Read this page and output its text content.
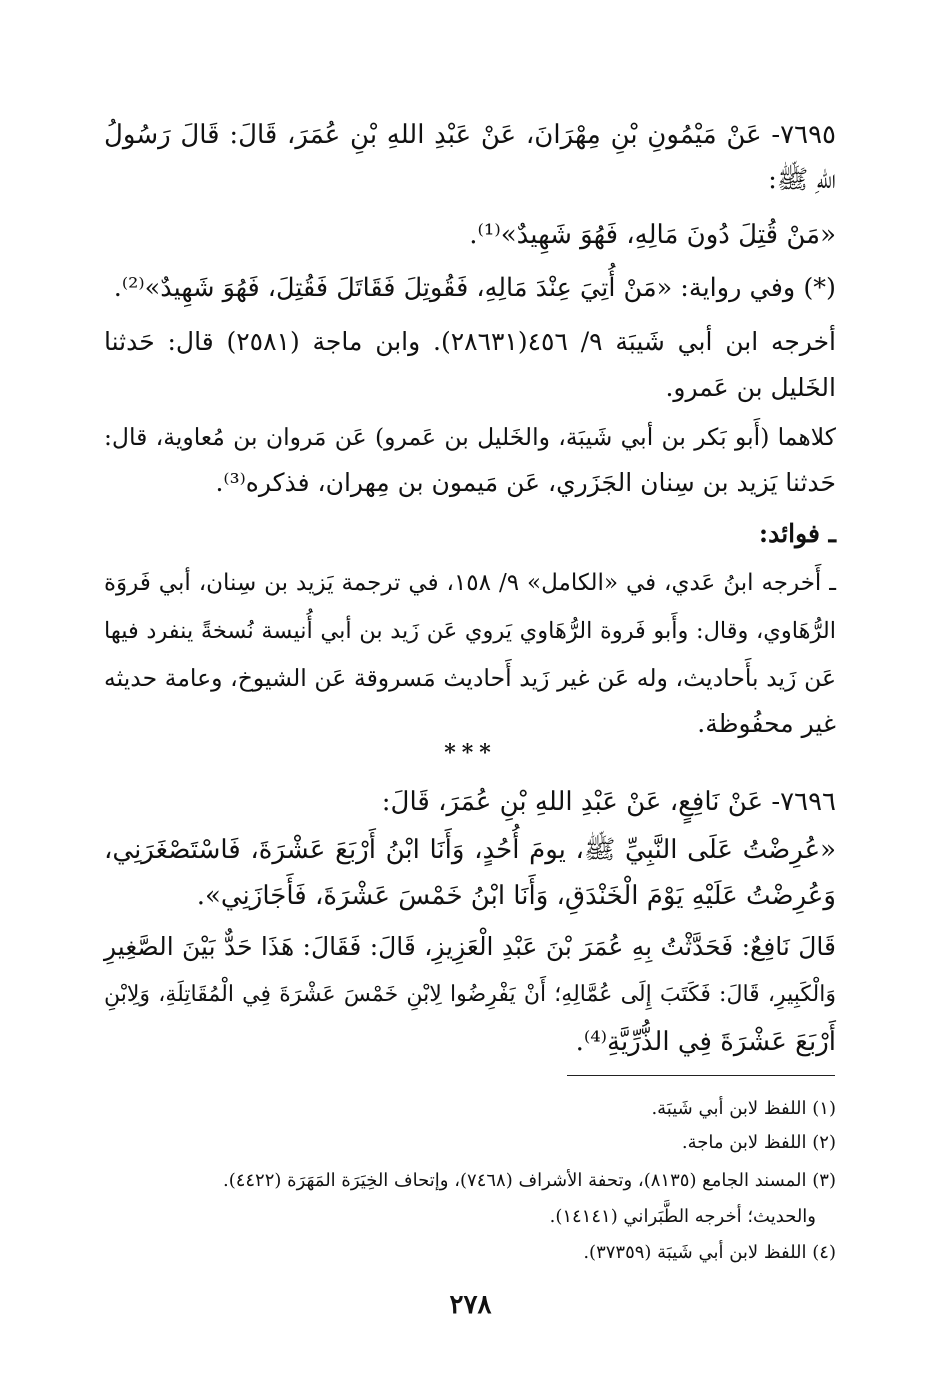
٧٦٩٥- عَنْ مَيْمُونِ بْنِ مِهْرَانَ، عَنْ عَبْدِ اللهِ بْنِ عُمَرَ، قَالَ: قَالَ رَسُولُ
اللهِ ﷺ:
«مَنْ قُتِلَ دُونَ مَالِهِ، فَهُوَ شَهِيدٌ»⁽¹⁾.
(*) وفي رواية: «مَنْ أُتِيَ عِنْدَ مَالِهِ، فَقُوتِلَ فَقَاتَلَ فَقُتِلَ، فَهُوَ شَهِيدٌ»⁽²⁾.
أخرجه ابن أبي شَيبَة ٩/ ٤٥٦(٢٨٦٣١). وابن ماجة (٢٥٨١) قال: حَدثنا
الخَليل بن عَمرو.
كلاهما (أَبو بَكر بن أبي شَيبَة، والخَليل بن عَمرو) عَن مَروان بن مُعاوية، قال:
حَدثنا يَزيد بن سِنان الجَزَري، عَن مَيمون بن مِهران، فذكره⁽³⁾.
ـ فوائد:
ـ أَخرجه ابنُ عَدي، في «الكامل» ٩/ ١٥٨، في ترجمة يَزيد بن سِنان، أبي فَروَة
الرُّهَاوي، وقال: وأَبو فَروة الرُّهَاوي يَروي عَن زَيد بن أبي أُنيسة نُسخةً ينفرد فيها
عَن زَيد بأَحاديث، وله عَن غير زَيد أَحاديث مَسروقة عَن الشيوخ، وعامة حديثه
غير محفُوظة.
***
٧٦٩٦- عَنْ نَافِعٍ، عَنْ عَبْدِ اللهِ بْنِ عُمَرَ، قَالَ:
«عُرِضْتُ عَلَى النَّبِيِّ ﷺ، يومَ أُحُدٍ، وَأَنَا ابْنُ أَرْبَعَ عَشْرَةَ، فَاسْتَصْغَرَنِي،
وَعُرِضْتُ عَلَيْهِ يَوْمَ الْخَنْدَقِ، وَأَنَا ابْنُ خَمْسَ عَشْرَةَ، فَأَجَازَنِي».
قَالَ نَافِعٌ: فَحَدَّثْتُ بِهِ عُمَرَ بْنَ عَبْدِ الْعَزِيزِ، قَالَ: فَقَالَ: هَذَا حَدٌّ بَيْنَ الصَّغِيرِ
وَالْكَبِيرِ، قَالَ: فَكَتَبَ إِلَى عُمَّالِهِ؛ أَنْ يَفْرِضُوا لِابْنِ خَمْسَ عَشْرَةَ فِي الْمُقَاتِلَةِ، وَلِابْنِ
أَرْبَعَ عَشْرَةَ فِي الذُّرِّيَّةِ⁽⁴⁾.
(١) اللفظ لابن أبي شَيبَة.
(٢) اللفظ لابن ماجة.
(٣) المسند الجامع (٨١٣٥)، وتحفة الأشراف (٧٤٦٨)، وإتحاف الخِيَرَة المَهَرَة (٤٤٢٢).
والحديث؛ أخرجه الطَّبَراني (١٤١٤١).
(٤) اللفظ لابن أبي شَيبَة (٣٧٣٥٩).
٢٧٨
